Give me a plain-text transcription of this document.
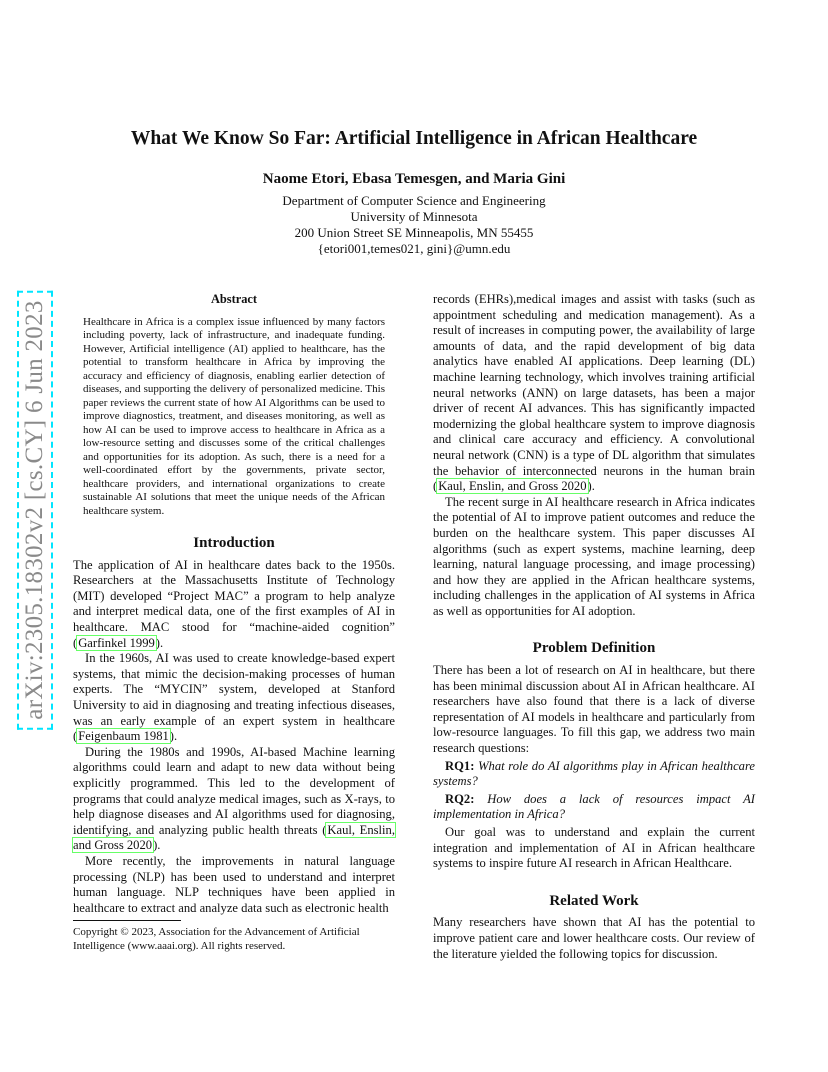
arXiv:2305.18302v2 [cs.CY] 6 Jun 2023
What We Know So Far: Artificial Intelligence in African Healthcare
Naome Etori, Ebasa Temesgen, and Maria Gini
Department of Computer Science and Engineering
University of Minnesota
200 Union Street SE Minneapolis, MN 55455
{etori001,temes021, gini}@umn.edu
Abstract

Healthcare in Africa is a complex issue influenced by many factors including poverty, lack of infrastructure, and inadequate funding. However, Artificial intelligence (AI) applied to healthcare, has the potential to transform healthcare in Africa by improving the accuracy and efficiency of diagnosis, enabling earlier detection of diseases, and supporting the delivery of personalized medicine. This paper reviews the current state of how AI Algorithms can be used to improve diagnostics, treatment, and diseases monitoring, as well as how AI can be used to improve access to healthcare in Africa as a low-resource setting and discusses some of the critical challenges and opportunities for its adoption. As such, there is a need for a well-coordinated effort by the governments, private sector, healthcare providers, and international organizations to create sustainable AI solutions that meet the unique needs of the African healthcare system.

Introduction

The application of AI in healthcare dates back to the 1950s. Researchers at the Massachusetts Institute of Technology (MIT) developed “Project MAC” a program to help analyze and interpret medical data, one of the first examples of AI in healthcare. MAC stood for “machine-aided cognition” (Garfinkel 1999).

In the 1960s, AI was used to create knowledge-based expert systems, that mimic the decision-making processes of human experts. The “MYCIN” system, developed at Stanford University to aid in diagnosing and treating infectious diseases, was an early example of an expert system in healthcare (Feigenbaum 1981).

During the 1980s and 1990s, AI-based Machine learning algorithms could learn and adapt to new data without being explicitly programmed. This led to the development of programs that could analyze medical images, such as X-rays, to help diagnose diseases and AI algorithms used for diagnosing, identifying, and analyzing public health threats (Kaul, Enslin, and Gross 2020).

More recently, the improvements in natural language processing (NLP) has been used to understand and interpret human language. NLP techniques have been applied in healthcare to extract and analyze data such as electronic health

Copyright © 2023, Association for the Advancement of Artificial Intelligence (www.aaai.org). All rights reserved.

records (EHRs),medical images and assist with tasks (such as appointment scheduling and medication management). As a result of increases in computing power, the availability of large amounts of data, and the rapid development of big data analytics have enabled AI applications. Deep learning (DL) machine learning technology, which involves training artificial neural networks (ANN) on large datasets, has been a major driver of recent AI advances. This has significantly impacted modernizing the global healthcare system to improve diagnosis and clinical care accuracy and efficiency. A convolutional neural network (CNN) is a type of DL algorithm that simulates the behavior of interconnected neurons in the human brain (Kaul, Enslin, and Gross 2020).

The recent surge in AI healthcare research in Africa indicates the potential of AI to improve patient outcomes and reduce the burden on the healthcare system. This paper discusses AI algorithms (such as expert systems, machine learning, deep learning, natural language processing, and image processing) and how they are applied in the African healthcare systems, including challenges in the application of AI systems in Africa as well as opportunities for AI adoption.

Problem Definition

There has been a lot of research on AI in healthcare, but there has been minimal discussion about AI in African healthcare. AI researchers have also found that there is a lack of diverse representation of AI models in healthcare and particularly from low-resource languages. To fill this gap, we address two main research questions:

RQ1: What role do AI algorithms play in African healthcare systems?

RQ2: How does a lack of resources impact AI implementation in Africa?

Our goal was to understand and explain the current integration and implementation of AI in African healthcare systems to inspire future AI research in African Healthcare.

Related Work

Many researchers have shown that AI has the potential to improve patient care and lower healthcare costs. Our review of the literature yielded the following topics for discussion.
